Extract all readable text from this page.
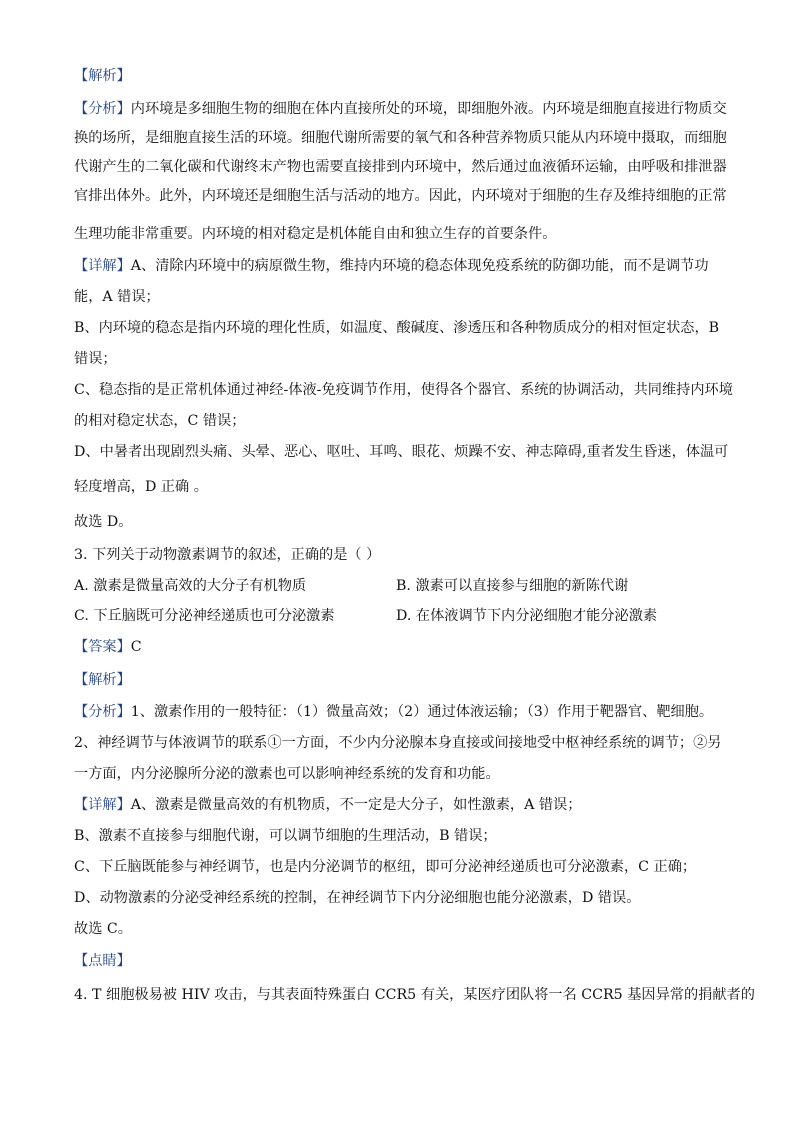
【解析】
【分析】内环境是多细胞生物的细胞在体内直接所处的环境，即细胞外液。内环境是细胞直接进行物质交
换的场所，是细胞直接生活的环境。细胞代谢所需要的氧气和各种营养物质只能从内环境中摄取，而细胞
代谢产生的二氧化碳和代谢终末产物也需要直接排到内环境中，然后通过血液循环运输，由呼吸和排泄器
官排出体外。此外，内环境还是细胞生活与活动的地方。因此，内环境对于细胞的生存及维持细胞的正常
生理功能非常重要。内环境的相对稳定是机体能自由和独立生存的首要条件。
【详解】A、清除内环境中的病原微生物，维持内环境的稳态体现免疫系统的防御功能，而不是调节功
能，A 错误；
B、内环境的稳态是指内环境的理化性质，如温度、酸碱度、渗透压和各种物质成分的相对恒定状态，B
错误；
C、稳态指的是正常机体通过神经-体液-免疫调节作用，使得各个器官、系统的协调活动，共同维持内环境
的相对稳定状态，C 错误；
D、中暑者出现剧烈头痛、头晕、恶心、呕吐、耳鸣、眼花、烦躁不安、神志障碍,重者发生昏迷，体温可
轻度增高，D 正确 。
故选 D。
3. 下列关于动物激素调节的叙述，正确的是（ ）
A. 激素是微量高效的大分子有机物质	B. 激素可以直接参与细胞的新陈代谢
C. 下丘脑既可分泌神经递质也可分泌激素	D. 在体液调节下内分泌细胞才能分泌激素
【答案】C
【解析】
【分析】1、激素作用的一般特征：（1）微量高效；（2）通过体液运输；（3）作用于靶器官、靶细胞。
2、神经调节与体液调节的联系①一方面，不少内分泌腺本身直接或间接地受中枢神经系统的调节；②另
一方面，内分泌腺所分泌的激素也可以影响神经系统的发育和功能。
【详解】A、激素是微量高效的有机物质，不一定是大分子，如性激素，A 错误；
B、激素不直接参与细胞代谢，可以调节细胞的生理活动，B 错误；
C、下丘脑既能参与神经调节，也是内分泌调节的枢纽，即可分泌神经递质也可分泌激素，C 正确；
D、动物激素的分泌受神经系统的控制，在神经调节下内分泌细胞也能分泌激素，D 错误。
故选 C。
【点睛】
4. T 细胞极易被 HIV 攻击，与其表面特殊蛋白 CCR5 有关，某医疗团队将一名 CCR5 基因异常的捐献者的
